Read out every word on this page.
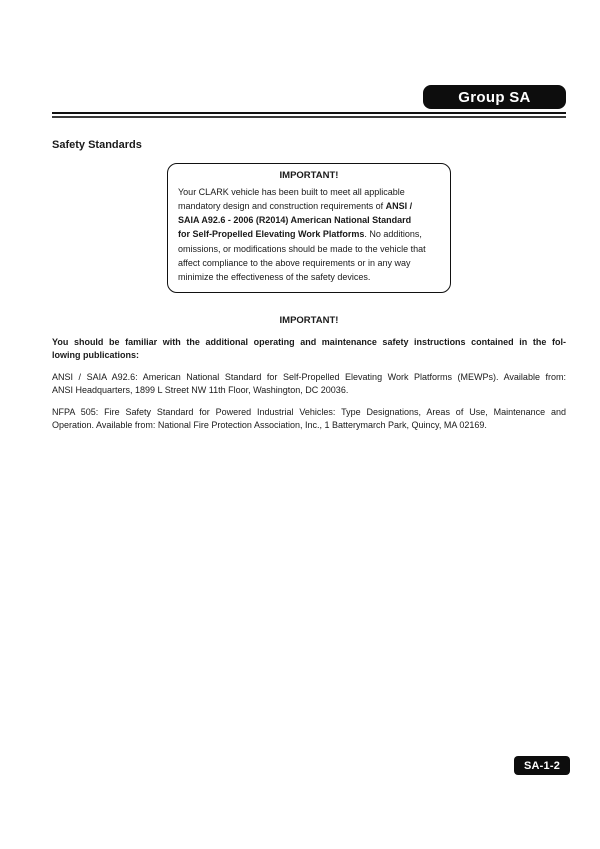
Group SA
Safety Standards
IMPORTANT!
Your CLARK vehicle has been built to meet all applicable
mandatory design and construction requirements of ANSI /
SAIA A92.6 - 2006 (R2014) American National Standard
for Self-Propelled Elevating Work Platforms. No additions,
omissions, or modifications should be made to the vehicle that
affect compliance to the above requirements or in any way
minimize the effectiveness of the safety devices.
IMPORTANT!

You should be familiar with the additional operating and maintenance safety instructions contained in the fol-
lowing publications:

ANSI / SAIA A92.6: American National Standard for Self-Propelled Elevating Work Platforms (MEWPs). Available from:
ANSI Headquarters, 1899 L Street NW 11th Floor, Washington, DC 20036.

NFPA 505: Fire Safety Standard for Powered Industrial Vehicles: Type Designations, Areas of Use, Maintenance and
Operation. Available from: National Fire Protection Association, Inc., 1 Batterymarch Park, Quincy, MA 02169.

SA-1-2
